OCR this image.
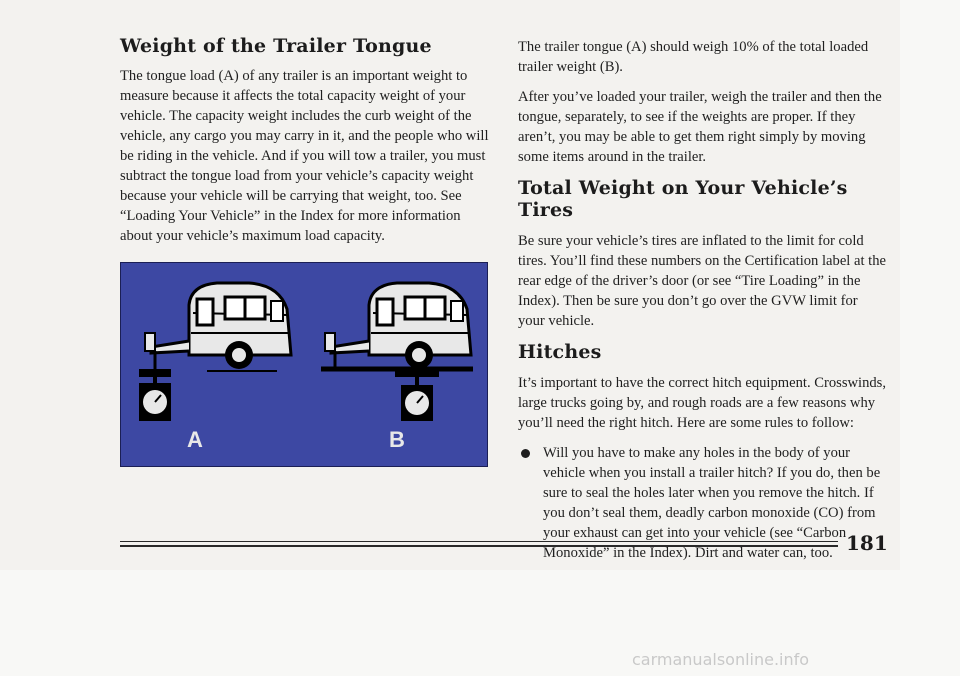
Weight of the Trailer Tongue

The tongue load (A) of any trailer is an important weight to measure because it affects the total capacity weight of your vehicle. The capacity weight includes the curb weight of the vehicle, any cargo you may carry in it, and the people who will be riding in the vehicle. And if you will tow a trailer, you must subtract the tongue load from your vehicle’s capacity weight because your vehicle will be carrying that weight, too. See “Loading Your Vehicle” in the Index for more information about your vehicle’s maximum load capacity.

A	B

The trailer tongue (A) should weigh 10% of the total loaded trailer weight (B).

After you’ve loaded your trailer, weigh the trailer and then the tongue, separately, to see if the weights are proper. If they aren’t, you may be able to get them right simply by moving some items around in the trailer.

Total Weight on Your Vehicle’s Tires

Be sure your vehicle’s tires are inflated to the limit for cold tires. You’ll find these numbers on the Certification label at the rear edge of the driver’s door (or see “Tire Loading” in the Index). Then be sure you don’t go over the GVW limit for your vehicle.

Hitches

It’s important to have the correct hitch equipment. Crosswinds, large trucks going by, and rough roads are a few reasons why you’ll need the right hitch. Here are some rules to follow:

Will you have to make any holes in the body of your vehicle when you install a trailer hitch? If you do, then be sure to seal the holes later when you remove the hitch. If you don’t seal them, deadly carbon monoxide (CO) from your exhaust can get into your vehicle (see “Carbon Monoxide” in the Index). Dirt and water can, too. 181
carmanualsonline.info
